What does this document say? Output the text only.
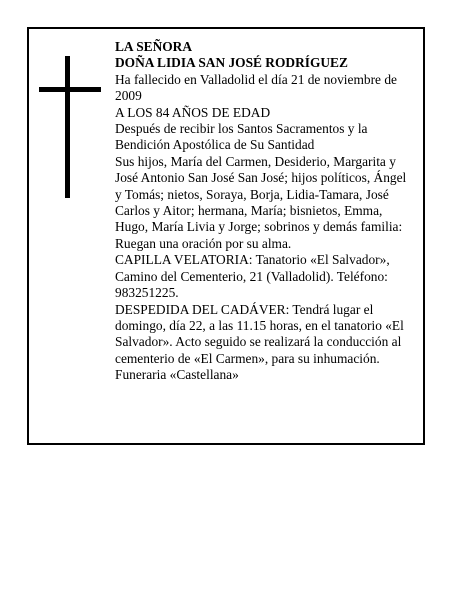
LA SEÑORA

DOÑA LIDIA SAN JOSÉ RODRÍGUEZ

Ha fallecido en Valladolid el día 21 de noviembre de 2009

A LOS 84 AÑOS DE EDAD

Después de recibir los Santos Sacramentos y la Bendición Apostólica de Su Santidad

Sus hijos, María del Carmen, Desiderio, Margarita y José Antonio San José San José; hijos políticos, Ángel y Tomás; nietos, Soraya, Borja, Lidia-Tamara, José Carlos y Aitor; hermana, María; bisnietos, Emma, Hugo, María Livia y Jorge; sobrinos y demás familia:

Ruegan una oración por su alma.

CAPILLA VELATORIA: Tanatorio «El Salvador», Camino del Cementerio, 21 (Valladolid). Teléfono: 983251225.

DESPEDIDA DEL CADÁVER: Tendrá lugar el domingo, día 22, a las 11.15 horas, en el tanatorio «El Salvador». Acto seguido se realizará la conducción al cementerio de «El Carmen», para su inhumación.

Funeraria «Castellana»
